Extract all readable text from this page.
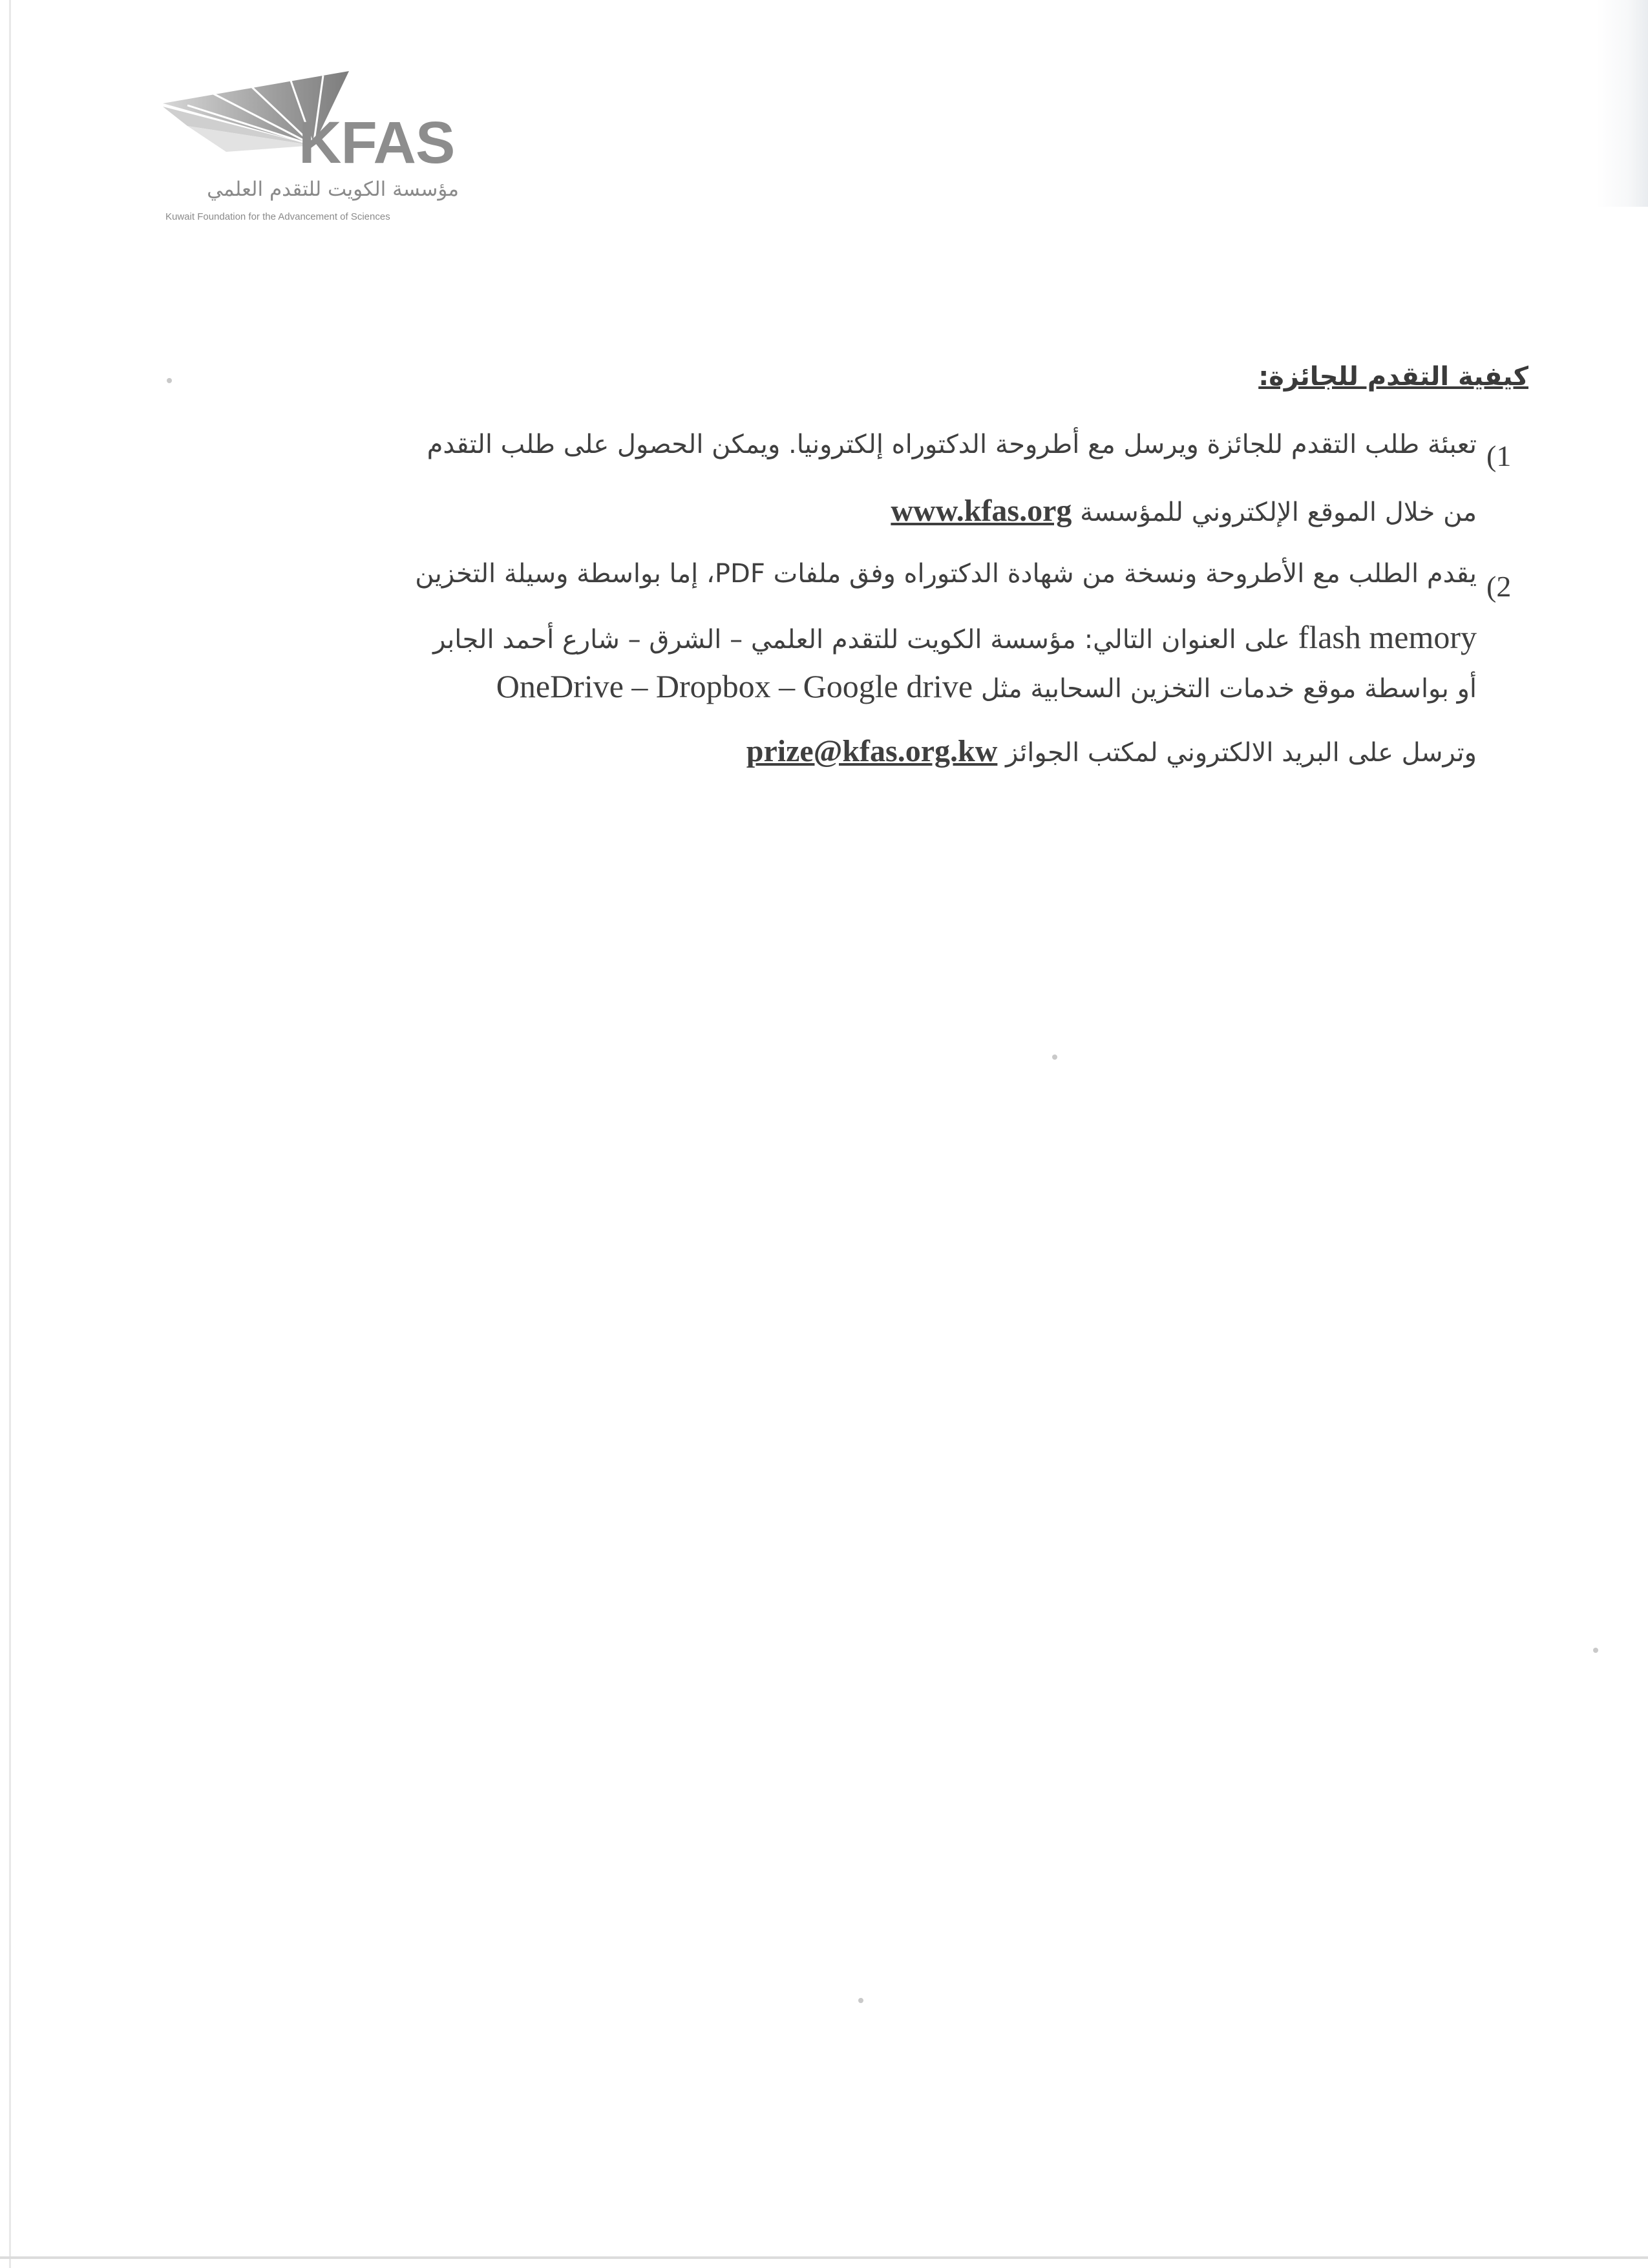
KFAS
مؤسسة الكويت للتقدم العلمي
Kuwait Foundation for the Advancement of Sciences
كيفية التقدم للجائزة:
(1
تعبئة طلب التقدم للجائزة ويرسل مع أطروحة الدكتوراه إلكترونيا. ويمكن الحصول على طلب التقدم
من خلال الموقع الإلكتروني للمؤسسة www.kfas.org
(2
يقدم الطلب مع الأطروحة ونسخة من شهادة الدكتوراه وفق ملفات PDF، إما بواسطة وسيلة التخزين
flash memory على العنوان التالي: مؤسسة الكويت للتقدم العلمي – الشرق – شارع أحمد الجابر
أو بواسطة موقع خدمات التخزين السحابية مثل OneDrive – Dropbox – Google drive
وترسل على البريد الالكتروني لمكتب الجوائز prize@kfas.org.kw
